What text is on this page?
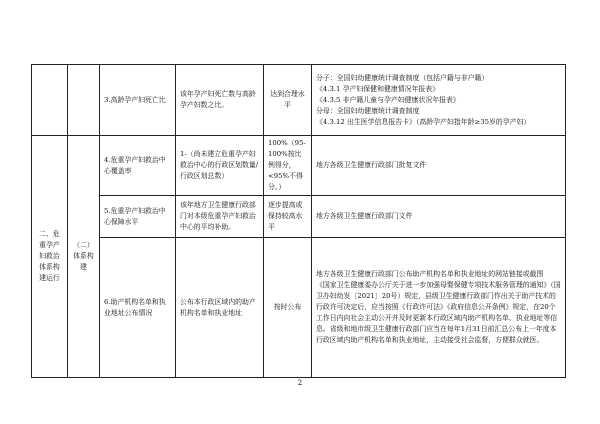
		3.高龄孕产妇死亡比	该年孕产妇死亡数与高龄孕产妇数之比。	达到合理水平	分子：全国妇幼健康统计调查制度（包括户籍与非户籍）
《4.3.1 孕产妇保健和健康情况年报表》
《4.3.5 非户籍儿童与孕产妇健康状况年报表》
分母：全国妇幼健康统计调查制度
《4.3.12 出生医学信息报告卡》（高龄孕产妇指年龄≥35岁的孕产妇）

二、危重孕产妇救治体系构建运行	（二）体系构建	4.危重孕产妇救治中心覆盖率	1-（尚未建立危重孕产妇救治中心的行政区划数量/行政区划总数）	100%（95-100%按比例得分，<95%不得分。）	地方各级卫生健康行政部门批复文件
		5.危重孕产妇救治中心保障水平	该年地方卫生健康行政部门对本级危重孕产妇救治中心的平均补助。	逐步提高或保持较高水平	地方各级卫生健康行政部门文件
		6.助产机构名单和执业地址公布情况	公布本行政区域内的助产机构名单和执业地址	按时公布	地方各级卫生健康行政部门公布助产机构名单和执业地址的网站链接或截图
《国家卫生健康委办公厅关于进一步加强母婴保健专项技术服务管理的通知》（国卫办妇幼发〔2021〕20号）规定，县级卫生健康行政部门作出关于助产技术的行政许可决定后，应当按照《行政许可法》《政府信息公开条例》规定，在20个工作日内向社会主动公开并及时更新本行政区域内助产机构名单、执业地址等信息。省级和地市级卫生健康行政部门应当在每年1月31日前汇总公布上一年度本行政区域内助产机构名单和执业地址，主动接受社会监督，方便群众就医。
2
